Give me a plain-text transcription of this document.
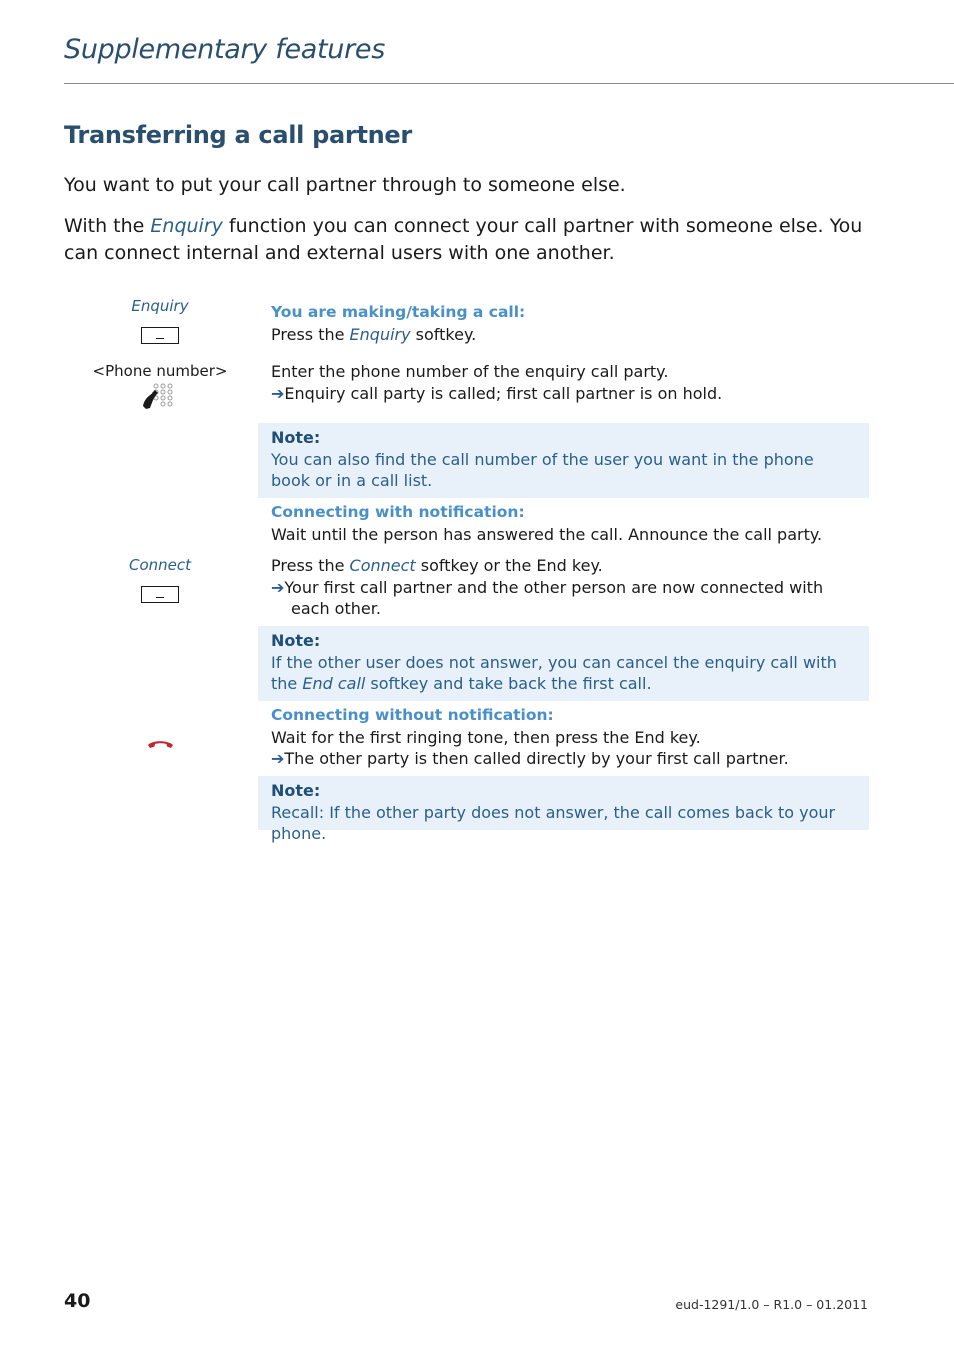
Supplementary features
Transferring a call partner
You want to put your call partner through to someone else.
With the Enquiry function you can connect your call partner with someone else. You can connect internal and external users with one another.
Enquiry
<Phone number>
Connect
You are making/taking a call:
Press the Enquiry softkey.
Enter the phone number of the enquiry call party.
➔Enquiry call party is called; first call partner is on hold.
Note:
You can also find the call number of the user you want in the phone book or in a call list.
Connecting with notification:
Wait until the person has answered the call. Announce the call party.
Press the Connect softkey or the End key.
➔Your first call partner and the other person are now connected with each other.
Note:
If the other user does not answer, you can cancel the enquiry call with the End call softkey and take back the first call.
Connecting without notification:
Wait for the first ringing tone, then press the End key.
➔The other party is then called directly by your first call partner.
Note:
Recall: If the other party does not answer, the call comes back to your phone.
40	eud-1291/1.0 – R1.0 – 01.2011
